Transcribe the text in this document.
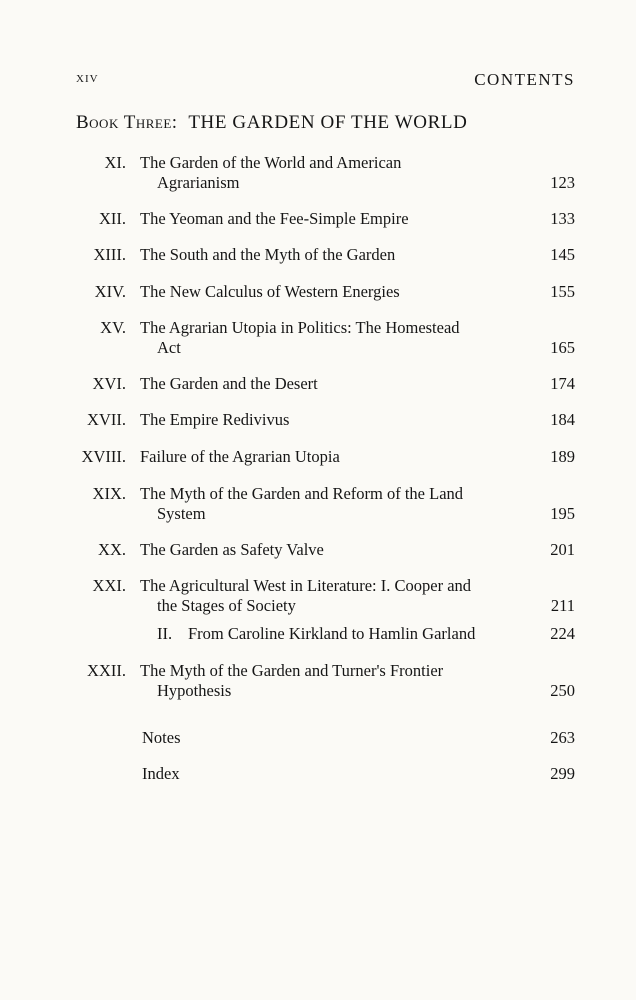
xiv	CONTENTS
Book Three: THE GARDEN OF THE WORLD
XI. The Garden of the World and American
Agrarianism	123
XII. The Yeoman and the Fee-Simple Empire	133
XIII. The South and the Myth of the Garden	145
XIV. The New Calculus of Western Energies	155
XV. The Agrarian Utopia in Politics: The Homestead
Act	165
XVI. The Garden and the Desert	174
XVII. The Empire Redivivus	184
XVIII. Failure of the Agrarian Utopia	189
XIX. The Myth of the Garden and Reform of the Land
System	195
XX. The Garden as Safety Valve	201
XXI. The Agricultural West in Literature: I. Cooper and
the Stages of Society	211
II. From Caroline Kirkland to Hamlin Garland	224
XXII. The Myth of the Garden and Turner's Frontier
Hypothesis	250
Notes	263
Index	299
